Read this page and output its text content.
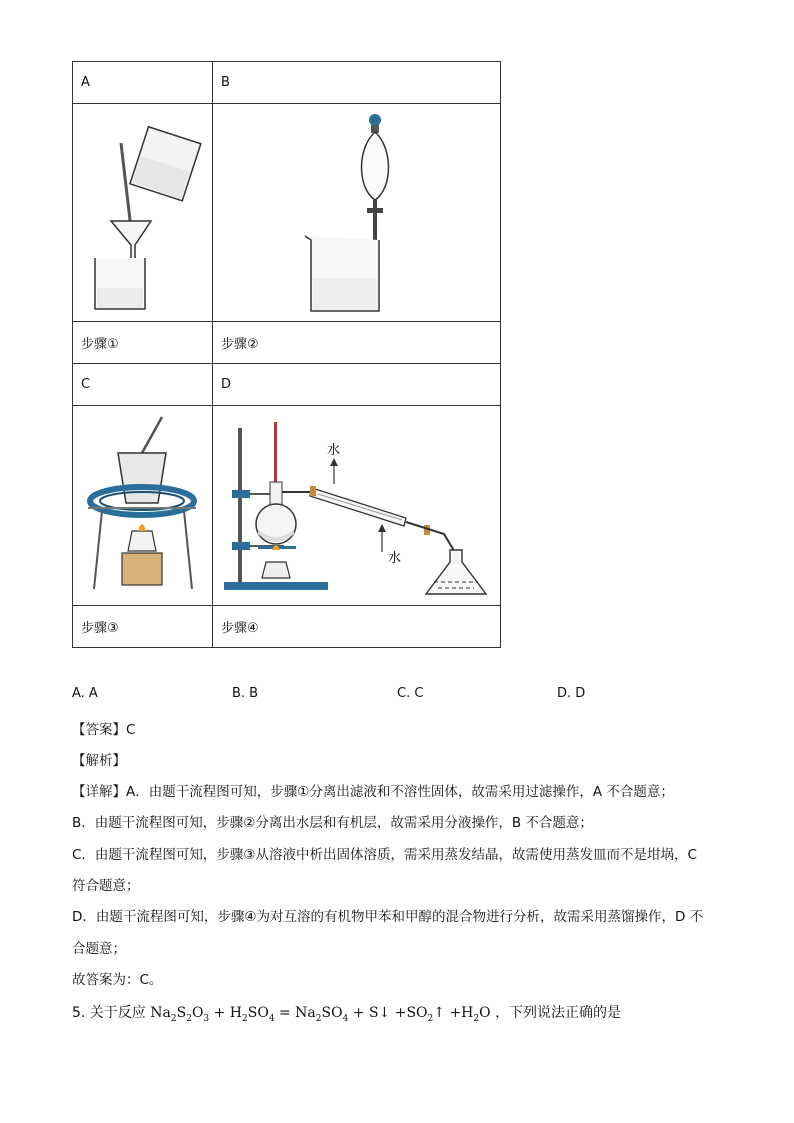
A	B

步骤①	步骤②
C	D

水
水

步骤③	步骤④
A. A	B. B	C. C	D. D
【答案】C
【解析】
【详解】A．由题干流程图可知，步骤①分离出滤液和不溶性固体，故需采用过滤操作，A 不合题意；
B．由题干流程图可知，步骤②分离出水层和有机层，故需采用分液操作，B 不合题意；
C．由题干流程图可知，步骤③从溶液中析出固体溶质，需采用蒸发结晶，故需使用蒸发皿而不是坩埚，C
符合题意；
D．由题干流程图可知，步骤④为对互溶的有机物甲苯和甲醇的混合物进行分析，故需采用蒸馏操作，D 不
合题意；
故答案为：C。
5. 关于反应 $Na_2S_2O_3 + H_2SO_4 = Na_2SO_4$ + S↓ $+SO_2↑ +H_2O$ ，下列说法正确的是
